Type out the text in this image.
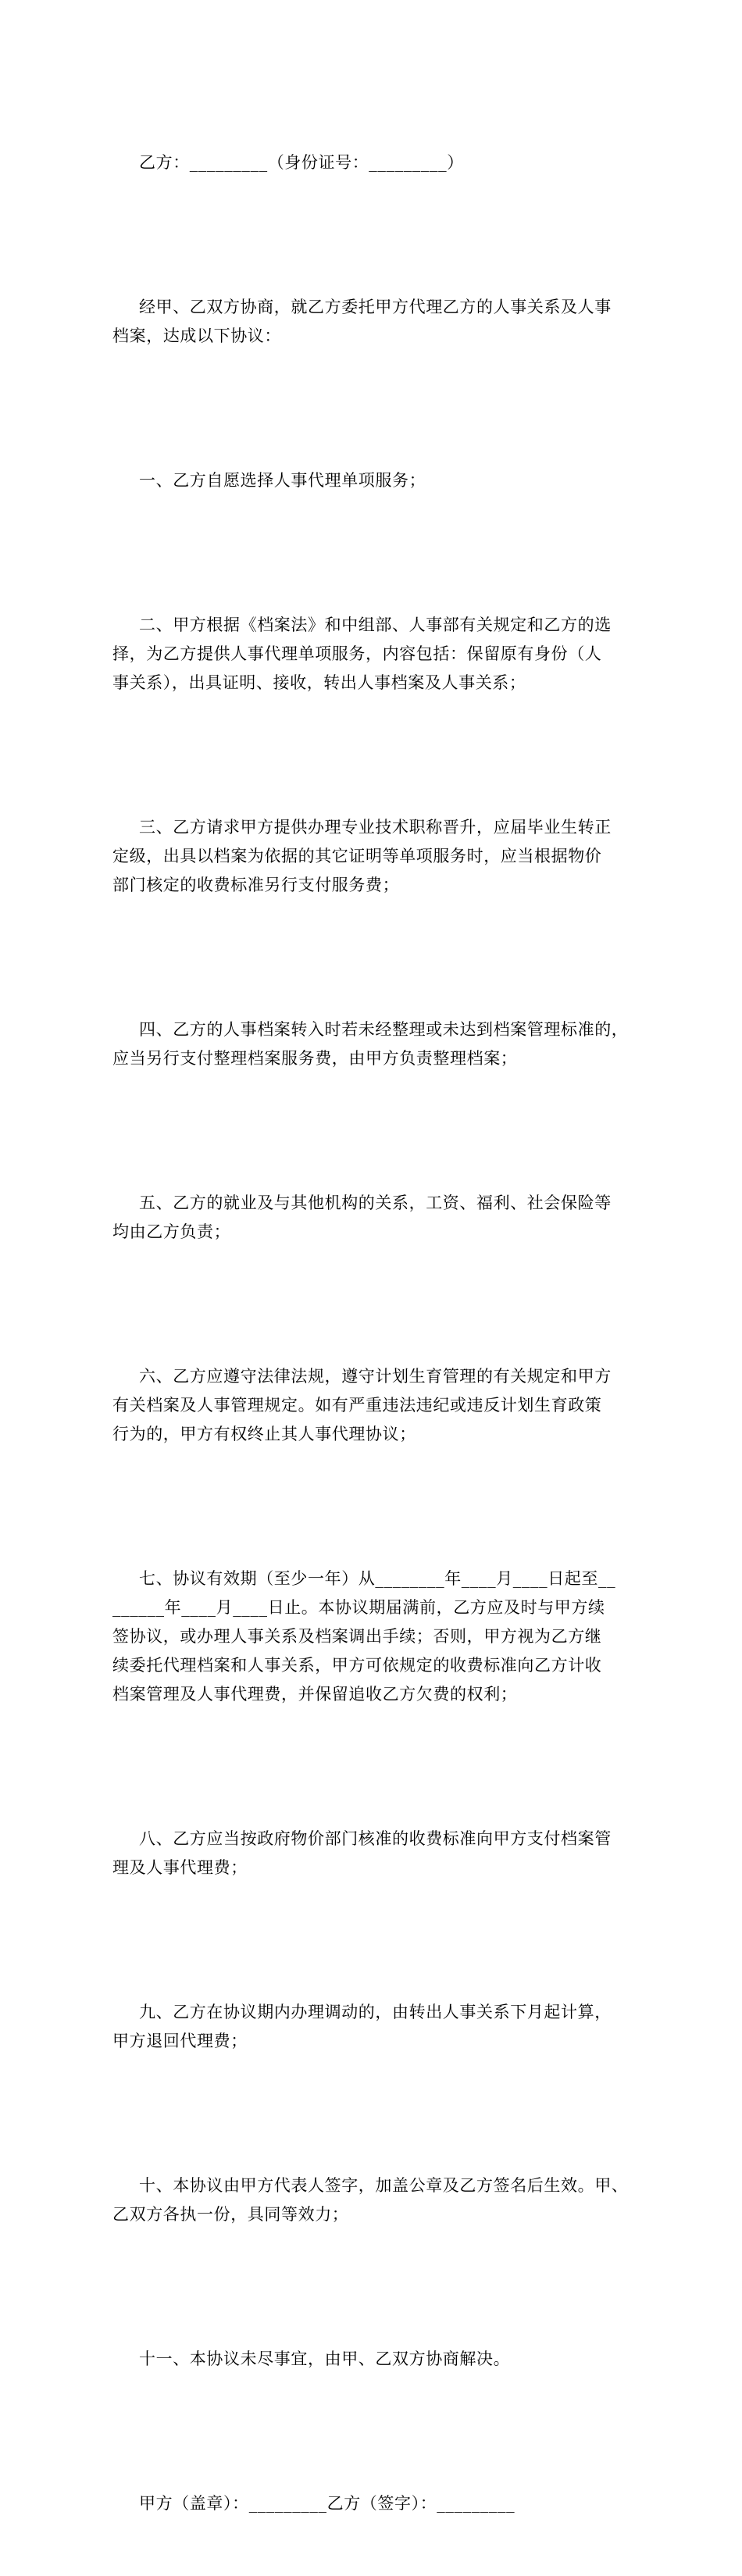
乙方：_________（身份证号：_________）

经甲、乙双方协商，就乙方委托甲方代理乙方的人事关系及人事
档案，达成以下协议：

一、乙方自愿选择人事代理单项服务；

二、甲方根据《档案法》和中组部、人事部有关规定和乙方的选
择，为乙方提供人事代理单项服务，内容包括：保留原有身份（人
事关系），出具证明、接收，转出人事档案及人事关系；

三、乙方请求甲方提供办理专业技术职称晋升，应届毕业生转正
定级，出具以档案为依据的其它证明等单项服务时，应当根据物价
部门核定的收费标准另行支付服务费；

四、乙方的人事档案转入时若未经整理或未达到档案管理标准的，
应当另行支付整理档案服务费，由甲方负责整理档案；

五、乙方的就业及与其他机构的关系，工资、福利、社会保险等
均由乙方负责；

六、乙方应遵守法律法规，遵守计划生育管理的有关规定和甲方
有关档案及人事管理规定。如有严重违法违纪或违反计划生育政策
行为的，甲方有权终止其人事代理协议；

七、协议有效期（至少一年）从________年____月____日起至__
______年____月____日止。本协议期届满前，乙方应及时与甲方续
签协议，或办理人事关系及档案调出手续；否则，甲方视为乙方继
续委托代理档案和人事关系，甲方可依规定的收费标准向乙方计收
档案管理及人事代理费，并保留追收乙方欠费的权利；

八、乙方应当按政府物价部门核准的收费标准向甲方支付档案管
理及人事代理费；

九、乙方在协议期内办理调动的，由转出人事关系下月起计算，
甲方退回代理费；

十、本协议由甲方代表人签字，加盖公章及乙方签名后生效。甲、
乙双方各执一份，具同等效力；

十一、本协议未尽事宜，由甲、乙双方协商解决。

甲方（盖章）：_________乙方（签字）：_________
